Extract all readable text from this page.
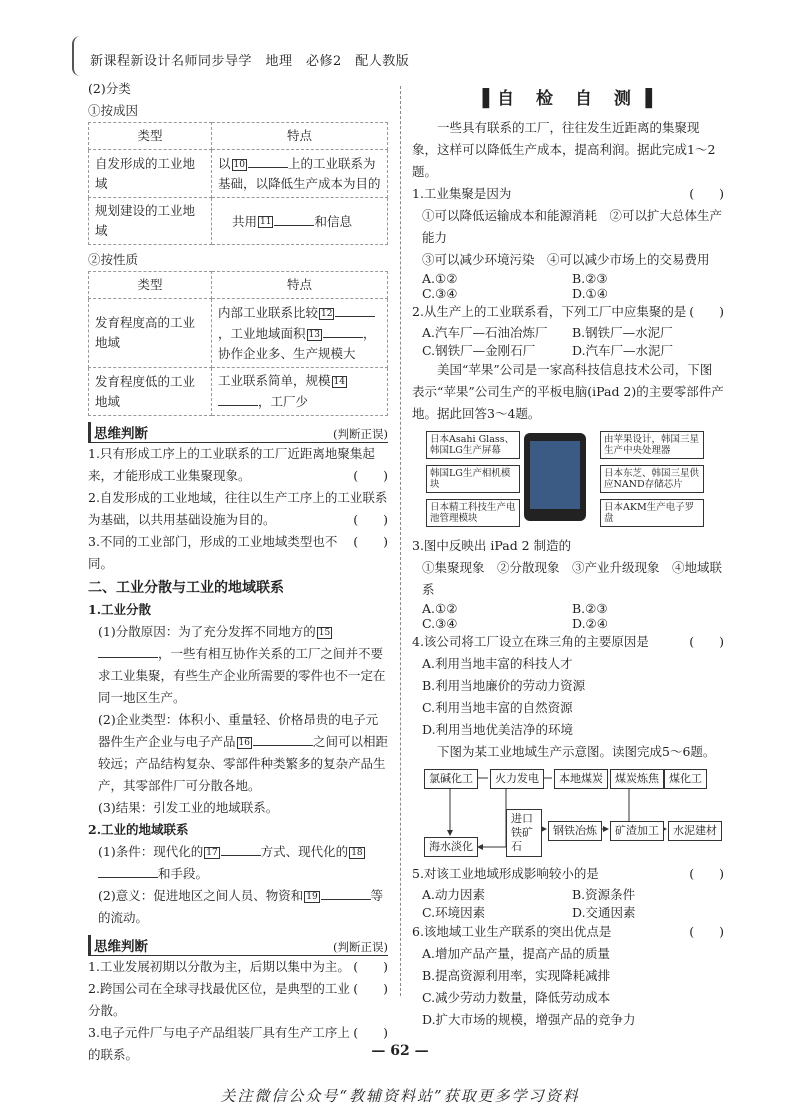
新课程新设计名师同步导学　地理　必修2　配人教版

(2)分类

①按成因

类型	特点
自发形成的工业地域	以 10 上的工业联系为基础，以降低生产成本为目的
规划建设的工业地域	共用 11 和信息

②按性质

类型	特点
发育程度高的工业地域	内部工业联系比较 12，工业地域面积 13 ，协作企业多、生产规模大
发育程度低的工业地域	工业联系简单，规模 14，工厂少
思维判断	(判断正误)

1.只有形成工序上的工业联系的工厂近距离地聚集起来，才能形成工业集聚现象。	(　　)

2.自发形成的工业地域，往往以生产工序上的工业联系为基础，以共用基础设施为目的。	(　　)

3.不同的工业部门，形成的工业地域类型也不同。
(　　)

二、工业分散与工业的地域联系

1.工业分散

(1)分散原因：为了充分发挥不同地方的 15，一些有相互协作关系的工厂之间并不要求工业集聚，有些生产企业所需要的零件也不一定在同一地区生产。

(2)企业类型：体积小、重量轻、价格昂贵的电子元器件生产企业与电子产品 16	之间可以相距较远；产品结构复杂、零部件种类繁多的复杂产品生产，其零部件厂可分散各地。

(3)结果：引发工业的地域联系。

2.工业的地域联系

(1)条件：现代化的 17	方式、现代化的 18和手段。

(2)意义：促进地区之间人员、物资和 19	等的流动。

思维判断	(判断正误)

1.工业发展初期以分散为主，后期以集中为主。 (　　)

2.跨国公司在全球寻找最优区位，是典型的工业分散。
(　　)

3.电子元件厂与电子产品组装厂具有生产工序上的联系。
(　　)

▐自 检 自 测▐

一些具有联系的工厂，往往发生近距离的集聚现象，这样可以降低生产成本，提高利润。据此完成1～2题。

1.工业集聚是因为	(　　)

①可以降低运输成本和能源消耗　②可以扩大总体生产能力

③可以减少环境污染　④可以减少市场上的交易费用

A.①②	B.②③
C.③④	D.①④

2.从生产上的工业联系看，下列工厂中应集聚的是 (　　)

A.汽车厂—石油冶炼厂	B.钢铁厂—水泥厂
C.钢铁厂—金刚石厂	D.汽车厂—水泥厂

美国“苹果”公司是一家高科技信息技术公司，下图表示“苹果”公司生产的平板电脑(iPad 2)的主要零部件产地。据此回答3～4题。

日本Asahi Glass、韩国LG生产屏幕
韩国LG生产相机模块
日本精工科技生产电池管理模块
由苹果设计，韩国三星生产中央处理器
日本东芝、韩国三星供应NAND存储芯片
日本AKM生产电子罗盘

3.图中反映出 iPad 2 制造的

①集聚现象　②分散现象　③产业升级现象　④地域联系

A.①②	B.②③
C.③④	D.②④

4.该公司将工厂设立在珠三角的主要原因是	(　　)

A.利用当地丰富的科技人才

B.利用当地廉价的劳动力资源

C.利用当地丰富的自然资源

D.利用当地优美洁净的环境

下图为某工业地域生产示意图。读图完成5～6题。

氯碱化工	火力发电	本地煤炭	煤炭炼焦 煤化工
进口铁矿石
钢铁冶炼	矿渣加工	水泥建材
海水淡化

5.对该工业地域形成影响较小的是	(　　)

A.动力因素	B.资源条件
C.环境因素	D.交通因素

6.该地域工业生产联系的突出优点是	(　　)

A.增加产品产量，提高产品的质量

B.提高资源利用率，实现降耗减排

C.减少劳动力数量，降低劳动成本

D.扩大市场的规模，增强产品的竞争力

— 62 —
关注微信公众号“教辅资料站”获取更多学习资料
